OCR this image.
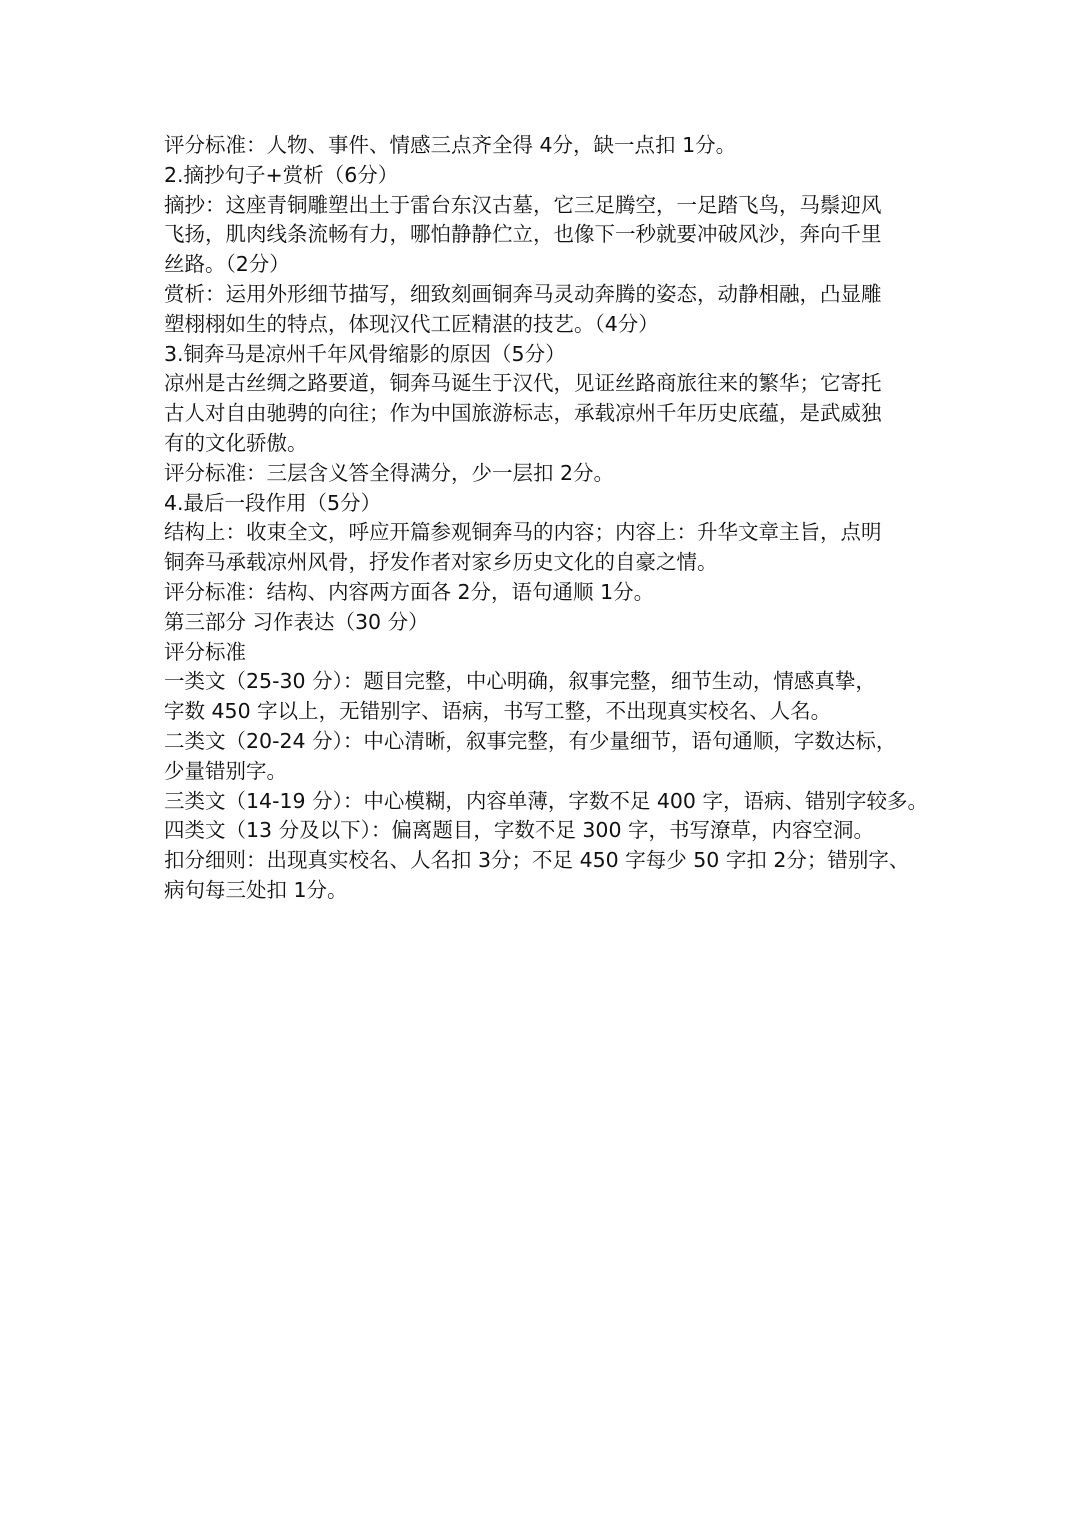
评分标准：人物、事件、情感三点齐全得 4分，缺一点扣 1分。
2.摘抄句子+赏析（6分）
摘抄：这座青铜雕塑出土于雷台东汉古墓，它三足腾空，一足踏飞鸟，马鬃迎风
飞扬，肌肉线条流畅有力，哪怕静静伫立，也像下一秒就要冲破风沙，奔向千里
丝路。（2分）
赏析：运用外形细节描写，细致刻画铜奔马灵动奔腾的姿态，动静相融，凸显雕
塑栩栩如生的特点，体现汉代工匠精湛的技艺。（4分）
3.铜奔马是凉州千年风骨缩影的原因（5分）
凉州是古丝绸之路要道，铜奔马诞生于汉代，见证丝路商旅往来的繁华；它寄托
古人对自由驰骋的向往；作为中国旅游标志，承载凉州千年历史底蕴，是武威独
有的文化骄傲。
评分标准：三层含义答全得满分，少一层扣 2分。
4.最后一段作用（5分）
结构上：收束全文，呼应开篇参观铜奔马的内容；内容上：升华文章主旨，点明
铜奔马承载凉州风骨，抒发作者对家乡历史文化的自豪之情。
评分标准：结构、内容两方面各 2分，语句通顺 1分。
第三部分 习作表达（30 分）
评分标准
一类文（25-30 分）：题目完整，中心明确，叙事完整，细节生动，情感真挚，
字数 450 字以上，无错别字、语病，书写工整，不出现真实校名、人名。
二类文（20-24 分）：中心清晰，叙事完整，有少量细节，语句通顺，字数达标，
少量错别字。
三类文（14-19 分）：中心模糊，内容单薄，字数不足 400 字，语病、错别字较多。
四类文（13 分及以下）：偏离题目，字数不足 300 字，书写潦草，内容空洞。
扣分细则：出现真实校名、人名扣 3分；不足 450 字每少 50 字扣 2分；错别字、
病句每三处扣 1分。
